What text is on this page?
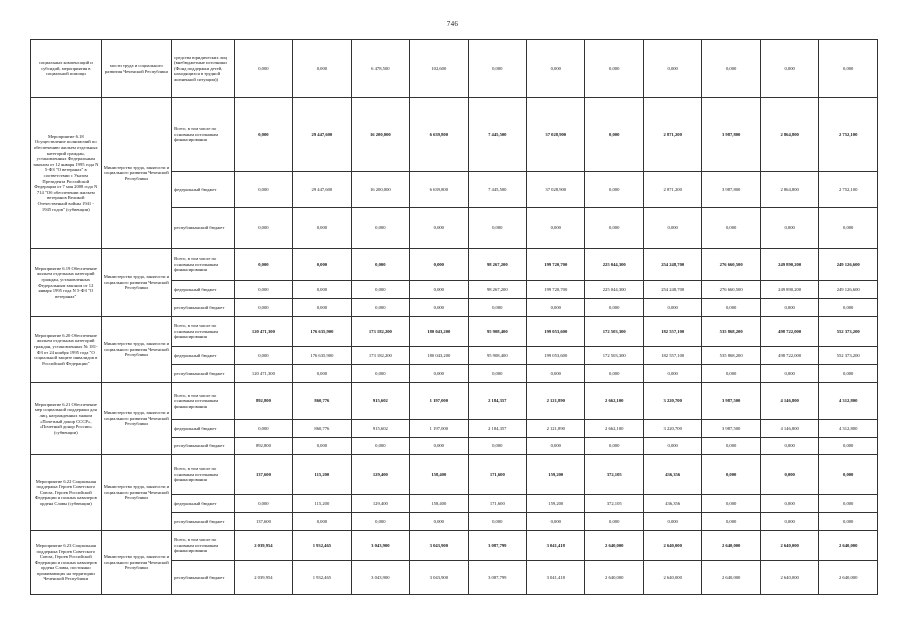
746
социальных компенсаций и субсидий, мероприятия в социальной помощи	мости труда и социального развития Чеченской Республики	средства юридических лиц (внебюджетные источники (Фонд поддержки детей, находящихся в трудной жизненной ситуации))	0,000	0,000	6 478,500	102,600	0,000	0,000	0,000	0,000	0,000	0,000	0,000
Мероприятие 6.18 Осуществление полномочий по обеспечению жильем отдельных категорий граждан, установленных Федеральным законом от 12 января 1995 года N 5-ФЗ "О ветеранах" в соответствии с Указом Президента Российской Федерации от 7 мая 2008 года N 714 "Об обеспечении жильем ветеранов Великой Отечественной войны 1941 - 1945 годов" (субвенции)	Министерство труда, занятости и социального развития Чеченской Республики	Всего, в том числе по основным источникам финансирования	0,000	29 447,600	16 200,000	6 639,800	7 445,500	37 028,900	0,000	2 871,200	3 987,800	2 864,800	2 752,100
		федеральный бюджет	0,000	29 447,600	16 200,000	6 639,800	7 445,500	37 028,900	0,000	2 871,200	3 987,800	2 864,800	2 752,100
		республиканский бюджет	0,000	0,000	0,000	0,000	0,000	0,000	0,000	0,000	0,000	0,000	0,000
Мероприятие 6.19 Обеспечение жильем отдельных категорий граждан, установленных Федеральным законом от 12 января 1995 года N 5-ФЗ "О ветеранах"	Министерство труда, занятости и социального развития Чеченской Республики	Всего, в том числе по основным источникам финансирования	0,000	0,000	0,000	0,000	98 267,200	199 720,700	225 044,300	254 248,700	276 660,500	249 890,200	249 126,600
		федеральный бюджет	0,000	0,000	0,000	0,000	98 267,200	199 720,700	225 044,300	254 248,700	276 660,500	249 890,200	249 126,600
		республиканский бюджет	0,000	0,000	0,000	0,000	0,000	0,000	0,000	0,000	0,000	0,000	0,000
Мероприятие 6.20 Обеспечение жильем отдельных категорий граждан, установленных № 181-ФЗ от 24 ноября 1995 года "О социальной защите инвалидов в Российской Федерации"	Министерство труда, занятости и социального развития Чеченской Республики	Всего, в том числе по основным источникам финансирования	120 471,300	176 635,900	173 182,200	180 043,200	95 908,400	199 053,600	172 503,300	182 557,100	535 868,200	498 722,000	552 373,200
		федеральный бюджет	0,000	176 635,900	173 182,200	180 043,200	95 908,400	199 053,600	172 503,300	182 557,100	535 868,200	498 722,000	552 373,200
		республиканский бюджет	120 471,300	0,000	0,000	0,000	0,000	0,000	0,000	0,000	0,000	0,000	0,000
Мероприятие 6.21 Обеспечение мер социальной поддержки для лиц, награжденных знаком «Почетный донор СССР», «Почетный донор России» (субвенции)	Министерство труда, занятости и социального развития Чеченской Республики	Всего, в том числе по основным источникам финансирования	892,800	860,776	915,602	1 197,000	2 184,357	2 121,890	2 662,100	3 220,700	3 987,500	4 146,800	4 312,800
		федеральный бюджет	0,000	860,776	915,602	1 197,000	2 184,357	2 121,890	2 662,100	3 220,700	3 987,500	4 146,800	4 312,800
		республиканский бюджет	892,800	0,000	0,000	0,000	0,000	0,000	0,000	0,000	0,000	0,000	0,000
Мероприятие 6.22 Социальная поддержка Героев Советского Союза, Героев Российской Федерации и полных кавалеров ордена Славы (субвенции)	Министерство труда, занятости и социального развития Чеченской Республики	Всего, в том числе по основным источникам финансирования	137,600	115,200	129,400	158,400	171,600	159,200	372,105	436,356	0,000	0,000	0,000
		федеральный бюджет	0,000	115,200	129,400	158,400	171,600	159,200	372,105	436,356	0,000	0,000	0,000
		республиканский бюджет	137,600	0,000	0,000	0,000	0,000	0,000	0,000	0,000	0,000	0,000	0,000
Мероприятие 6.23 Социальная поддержка Героев Советского Союза, Героев Российской Федерации и полных кавалеров ордена Славы, постоянно проживающих на территории Чеченской Республики	Министерство труда, занятости и социального развития Чеченской Республики	Всего, в том числе по основным источникам финансирования	2 039,954	1 932,465	3 043,900	3 043,900	3 087,799	3 041,418	2 640,000	2 640,000	2 640,000	2 640,000	2 640,000
		республиканский бюджет	2 039,954	1 932,465	3 043,900	3 043,900	3 087,799	3 041,418	2 640,000	2 640,000	2 640,000	2 640,000	2 640,000
